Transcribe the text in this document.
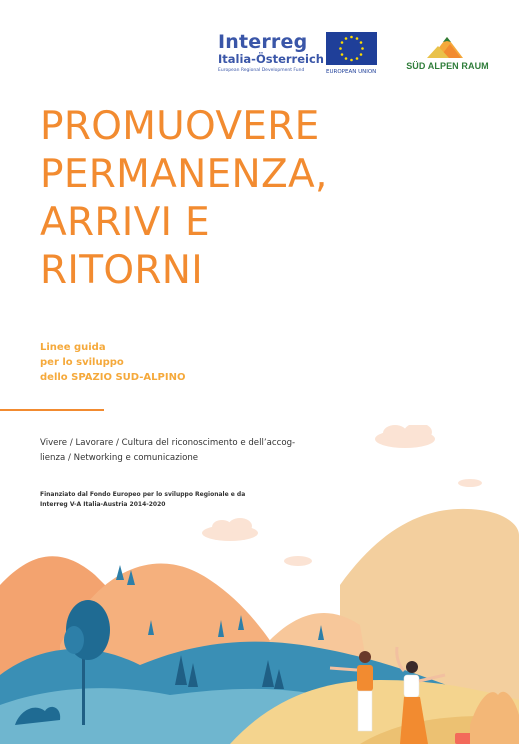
Interreg
Italia-Österreich
European Regional Development Fund	EUROPEAN UNION
SÜD ALPEN RAUM
PROMUOVERE
PERMANENZA,
ARRIVI E
RITORNI
Linee guida
per lo sviluppo
dello SPAZIO SUD-ALPINO
Vivere / Lavorare / Cultura del riconoscimento e dell’accog-lienza / Networking e comunicazione
Finanziato dal Fondo Europeo per lo sviluppo Regionale e da
Interreg V-A Italia-Austria 2014-2020
